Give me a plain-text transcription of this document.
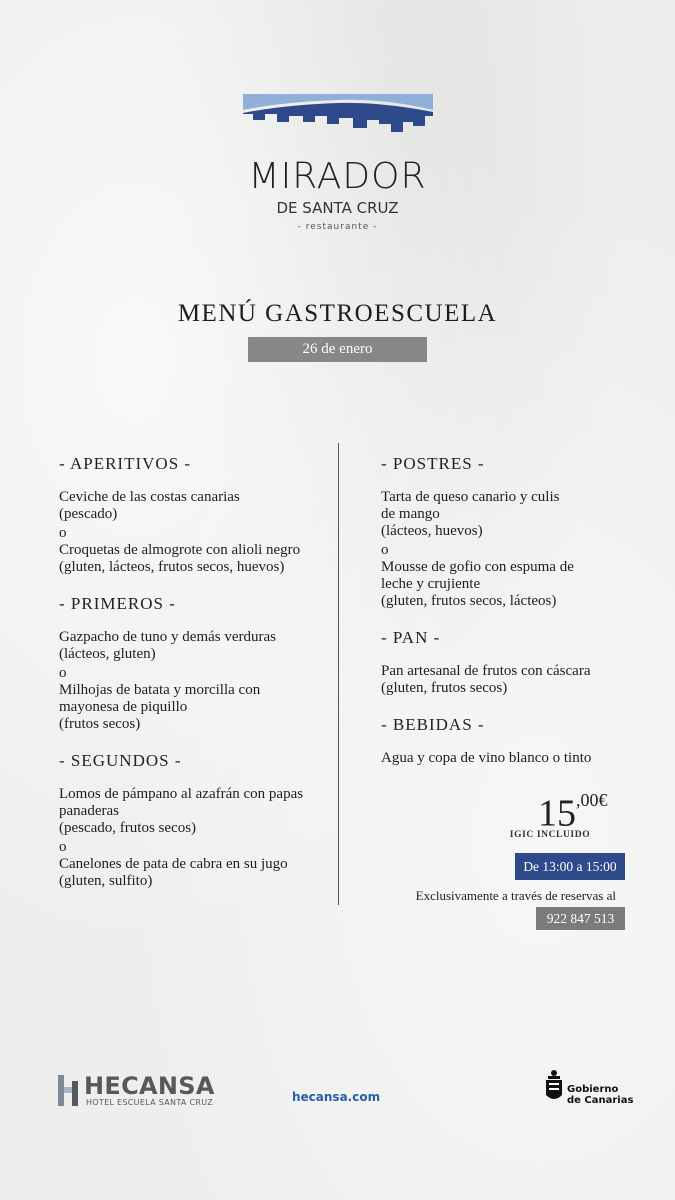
MIRADOR
DE SANTA CRUZ
- restaurante -
MENÚ GASTROESCUELA
26 de enero
- APERITIVOS -

Ceviche de las costas canarias

(pescado)

o

Croquetas de almogrote con alioli negro

(gluten, lácteos, frutos secos, huevos)

- PRIMEROS -

Gazpacho de tuno y demás verduras

(lácteos, gluten)

o

Milhojas de batata y morcilla con

mayonesa de piquillo

(frutos secos)

- SEGUNDOS -

Lomos de pámpano al azafrán con papas

panaderas

(pescado, frutos secos)

o

Canelones de pata de cabra en su jugo

(gluten, sulfito)

- POSTRES -

Tarta de queso canario y culis

de mango

(lácteos, huevos)

o

Mousse de gofio con espuma de

leche y crujiente

(gluten, frutos secos, lácteos)

- PAN -

Pan artesanal de frutos con cáscara

(gluten, frutos secos)

- BEBIDAS -

Agua y copa de vino blanco o tinto

$15^{,00€}$
IGIC INCLUIDO
De 13:00 a 15:00
Exclusivamente a través de reservas al
922 847 513
HECANSA
HOTEL ESCUELA SANTA CRUZ	hecansa.com
Gobierno
de Canarias
